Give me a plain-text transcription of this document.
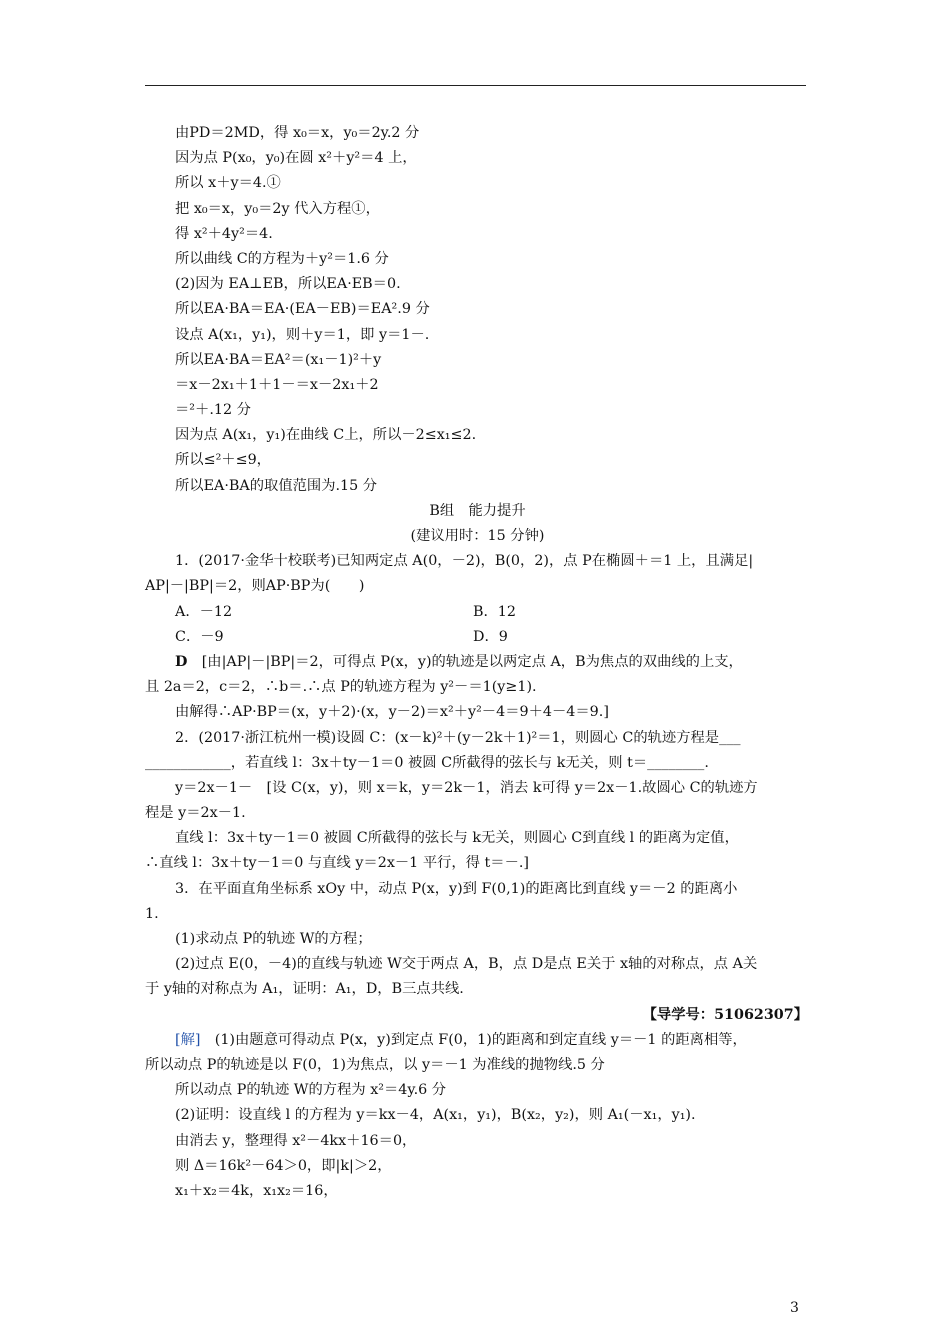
由PD＝2MD，得 x₀＝x，y₀＝2y.2 分
因为点 P(x₀，y₀)在圆 x²＋y²＝4 上，
所以 x＋y＝4.①
把 x₀＝x，y₀＝2y 代入方程①，
得 x²＋4y²＝4.
所以曲线 C的方程为＋y²＝1.6 分
(2)因为 EA⊥EB，所以EA·EB＝0.
所以EA·BA＝EA·(EA－EB)＝EA².9 分
设点 A(x₁，y₁)，则＋y＝1，即 y＝1－.
所以EA·BA＝EA²＝(x₁－1)²＋y
＝x－2x₁＋1＋1－＝x－2x₁＋2
＝²＋.12 分
因为点 A(x₁，y₁)在曲线 C上，所以－2≤x₁≤2.
所以≤²＋≤9，
所以EA·BA的取值范围为.15 分
B组　能力提升
(建议用时：15 分钟)
1．(2017·金华十校联考)已知两定点 A(0，－2)，B(0，2)，点 P在椭圆＋＝1 上，且满足|
AP|－|BP|＝2，则AP·BP为(　　)
A．－12	B．12
C．－9	D．9
D　[由|AP|－|BP|＝2，可得点 P(x，y)的轨迹是以两定点 A，B为焦点的双曲线的上支，
且 2a＝2，c＝2，∴b＝.∴点 P的轨迹方程为 y²－＝1(y≥1).
由解得∴AP·BP＝(x，y＋2)·(x，y－2)＝x²＋y²－4＝9＋4－4＝9.]
2．(2017·浙江杭州一模)设圆 C：(x－k)²＋(y－2k＋1)²＝1，则圆心 C的轨迹方程是___
____________，若直线 l：3x＋ty－1＝0 被圆 C所截得的弦长与 k无关，则 t＝________.
y＝2x－1－　[设 C(x，y)，则 x＝k，y＝2k－1，消去 k可得 y＝2x－1.故圆心 C的轨迹方
程是 y＝2x－1.
直线 l：3x＋ty－1＝0 被圆 C所截得的弦长与 k无关，则圆心 C到直线 l 的距离为定值，
∴直线 l：3x＋ty－1＝0 与直线 y＝2x－1 平行，得 t＝－.]
3．在平面直角坐标系 xOy 中，动点 P(x，y)到 F(0,1)的距离比到直线 y＝－2 的距离小
1.
(1)求动点 P的轨迹 W的方程；
(2)过点 E(0，－4)的直线与轨迹 W交于两点 A，B，点 D是点 E关于 x轴的对称点，点 A关
于 y轴的对称点为 A₁，证明：A₁，D，B三点共线.
【导学号：51062307】
[解]　(1)由题意可得动点 P(x，y)到定点 F(0，1)的距离和到定直线 y＝－1 的距离相等，
所以动点 P的轨迹是以 F(0，1)为焦点，以 y＝－1 为准线的抛物线.5 分
所以动点 P的轨迹 W的方程为 x²＝4y.6 分
(2)证明：设直线 l 的方程为 y＝kx－4，A(x₁，y₁)，B(x₂，y₂)，则 A₁(－x₁，y₁).
由消去 y，整理得 x²－4kx＋16＝0，
则 Δ＝16k²－64＞0，即|k|＞2，
x₁＋x₂＝4k，x₁x₂＝16，
3
